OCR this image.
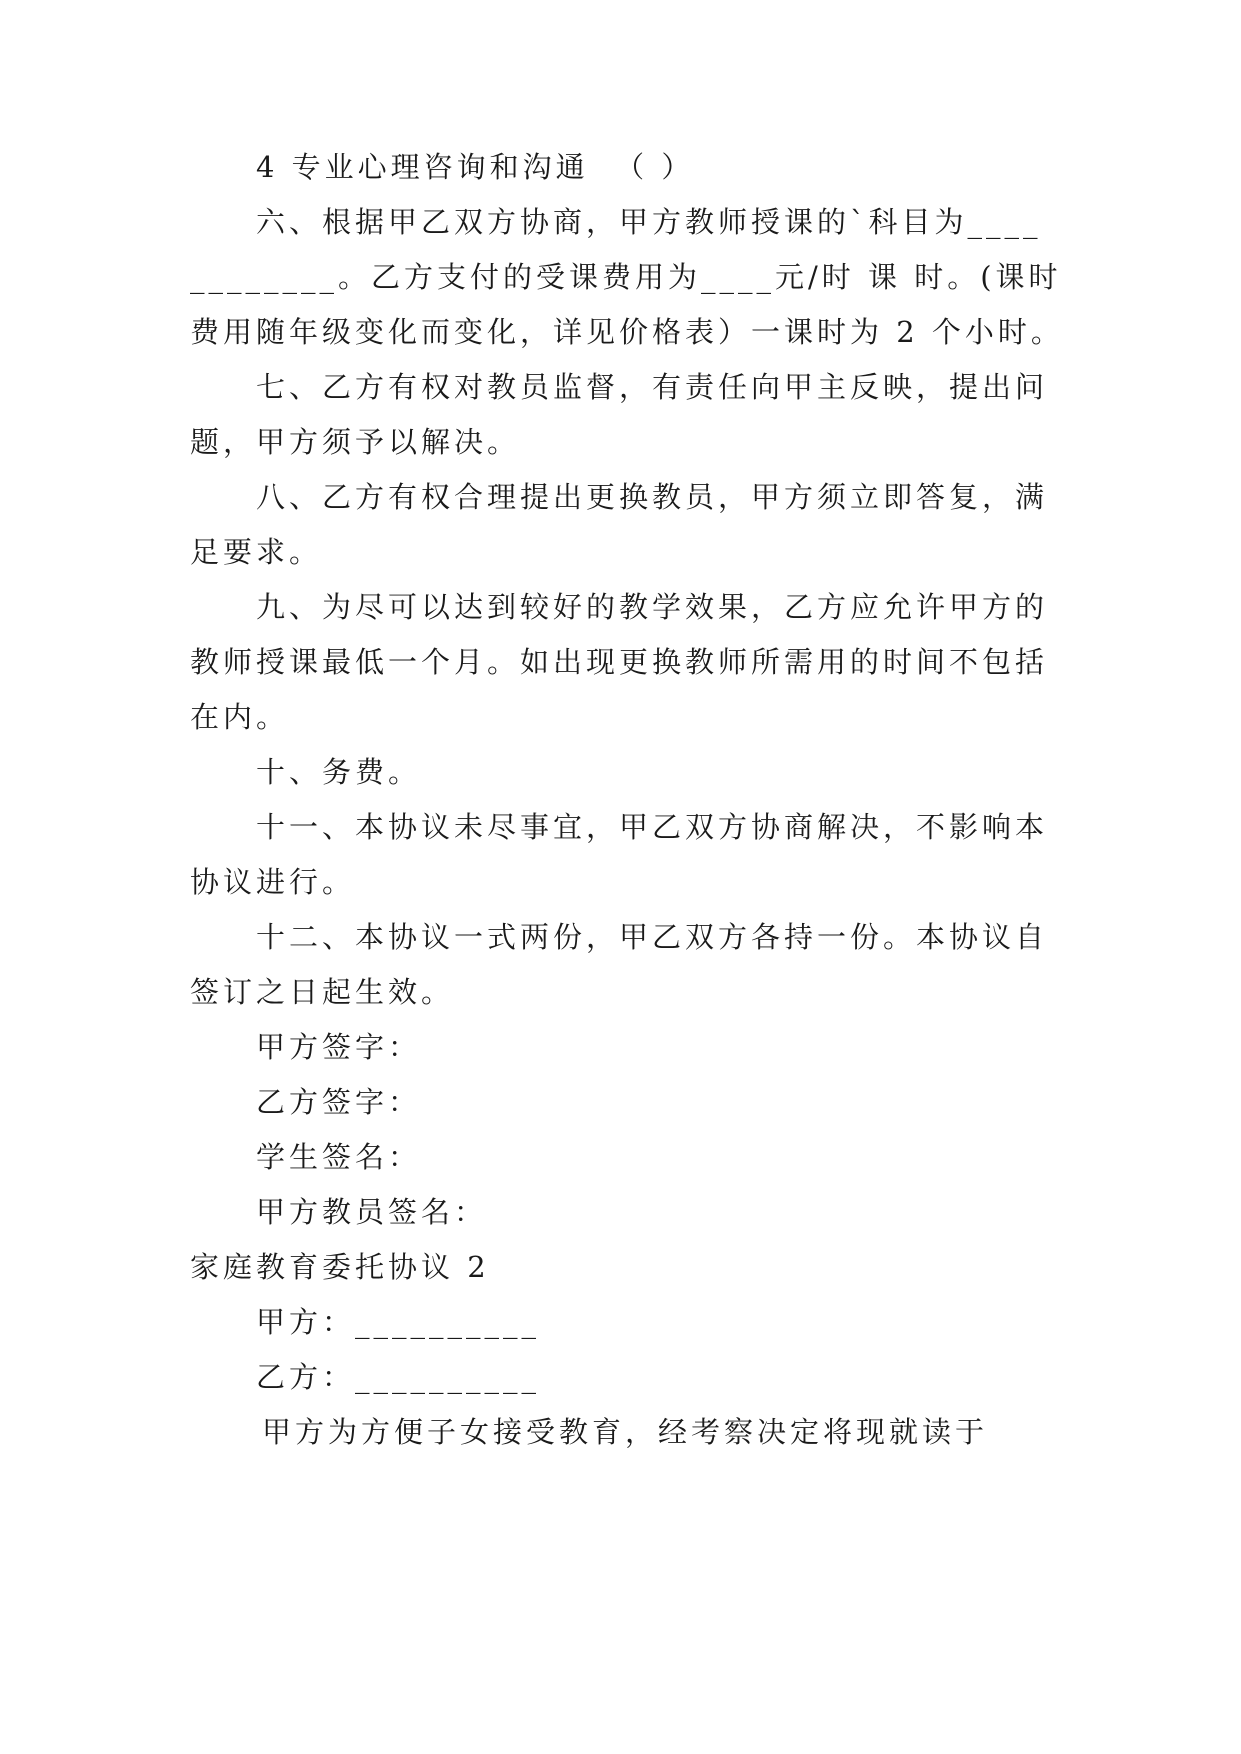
4 专业心理咨询和沟通  （ ）

六、根据甲乙双方协商，甲方教师授课的`科目为____

________。乙方支付的受课费用为____元/时 课 时。(课时

费用随年级变化而变化，详见价格表）一课时为 2 个小时。

七、乙方有权对教员监督，有责任向甲主反映，提出问

题，甲方须予以解决。

八、乙方有权合理提出更换教员，甲方须立即答复，满

足要求。

九、为尽可以达到较好的教学效果，乙方应允许甲方的

教师授课最低一个月。如出现更换教师所需用的时间不包括

在内。

十、务费。

十一、本协议未尽事宜，甲乙双方协商解决，不影响本

协议进行。

十二、本协议一式两份，甲乙双方各持一份。本协议自

签订之日起生效。

甲方签字：

乙方签字：

学生签名：

甲方教员签名：

家庭教育委托协议 2

甲方：__________

乙方：__________

甲方为方便子女接受教育，经考察决定将现就读于
